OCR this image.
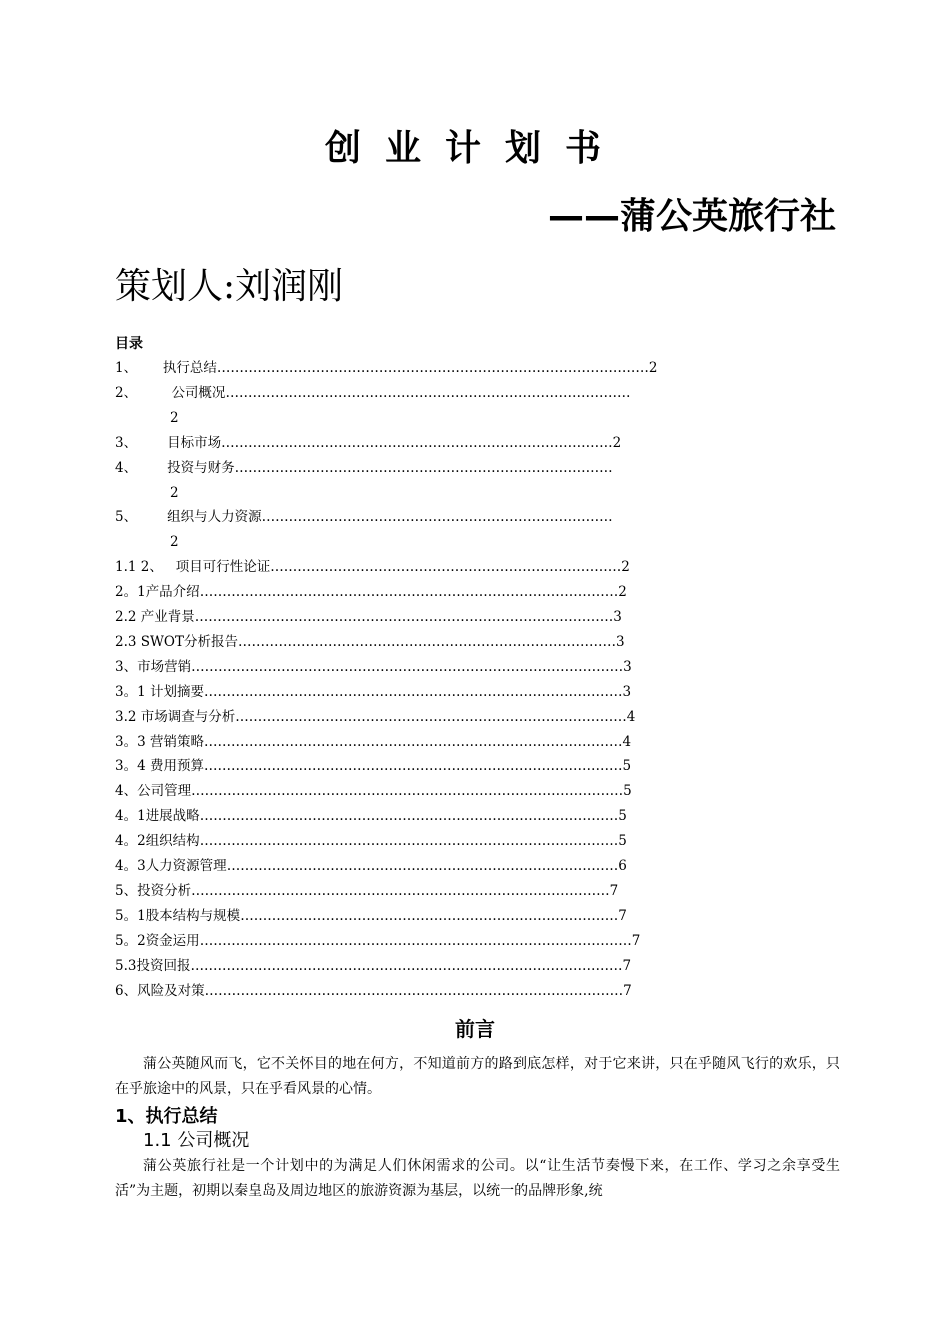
创业计划书
——蒲公英旅行社
策划人:刘润刚
目录
1、 执行总结……………………………………………………………………………………2
2、	公司概况………………………………………………………………………………
2
3、 目标市场……………………………………………………………………………2
4、 投资与财务…………………………………………………………………………
2
5、 组织与人力资源……………………………………………………………………
2
1.1 2、 项目可行性论证……………………………………………………………………2
2。1产品介绍…………………………………………………………………………………2
2.2 产业背景…………………………………………………………………………………3
2.3 SWOT分析报告…………………………………………………………………………3
3、市场营销……………………………………………………………………………………3
3。1 计划摘要…………………………………………………………………………………3
3.2 市场调查与分析……………………………………………………………………………4
3。3 营销策略…………………………………………………………………………………4
3。4 费用预算…………………………………………………………………………………5
4、公司管理……………………………………………………………………………………5
4。1进展战略…………………………………………………………………………………5
4。2组织结构…………………………………………………………………………………5
4。3人力资源管理……………………………………………………………………………6
5、投资分析…………………………………………………………………………………7
5。1股本结构与规模…………………………………………………………………………7
5。2资金运用……………………………………………………………………………………7
5.3投资回报……………………………………………………………………………………7
6、风险及对策…………………………………………………………………………………7
前言
蒲公英随风而飞，它不关怀目的地在何方，不知道前方的路到底怎样，对于它来讲，只在乎随风飞行的欢乐，只在乎旅途中的风景，只在乎看风景的心情。
1、执行总结
1.1 公司概况
蒲公英旅行社是一个计划中的为满足人们休闲需求的公司。以“让生活节奏慢下来，在工作、学习之余享受生活”为主题，初期以秦皇岛及周边地区的旅游资源为基层，以统一的品牌形象,统
